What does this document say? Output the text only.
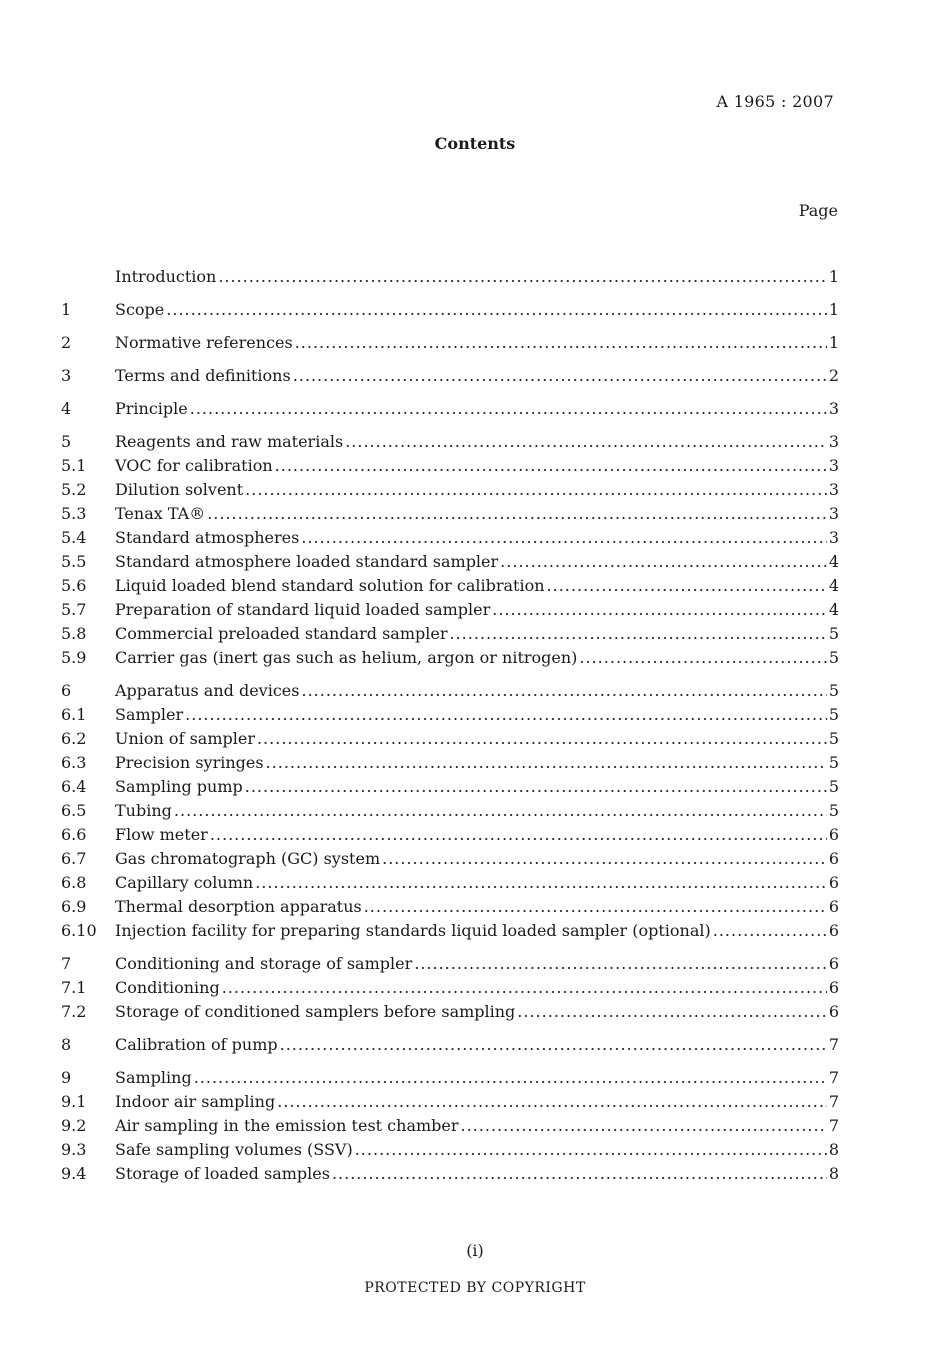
A 1965 : 2007
Contents
Page
Introduction .....	1
1	Scope .....	1
2	Normative references .....	1
3	Terms and definitions .....	2
4	Principle .....	3
5	Reagents and raw materials .....	3
5.1	VOC for calibration .....	3
5.2	Dilution solvent .....	3
5.3	Tenax TA® .....	3
5.4	Standard atmospheres .....	3
5.5	Standard atmosphere loaded standard sampler .....	4
5.6	Liquid loaded blend standard solution for calibration .....	4
5.7	Preparation of standard liquid loaded sampler .....	4
5.8	Commercial preloaded standard sampler .....	5
5.9	Carrier gas (inert gas such as helium, argon or nitrogen) .....	5
6	Apparatus and devices .....	5
6.1	Sampler .....	5
6.2	Union of sampler .....	5
6.3	Precision syringes .....	5
6.4	Sampling pump .....	5
6.5	Tubing .....	5
6.6	Flow meter .....	6
6.7	Gas chromatograph (GC) system .....	6
6.8	Capillary column .....	6
6.9	Thermal desorption apparatus .....	6
6.10	Injection facility for preparing standards liquid loaded sampler (optional) .....	6
7	Conditioning and storage of sampler .....	6
7.1	Conditioning .....	6
7.2	Storage of conditioned samplers before sampling .....	6
8	Calibration of pump .....	7
9	Sampling .....	7
9.1	Indoor air sampling .....	7
9.2	Air sampling in the emission test chamber .....	7
9.3	Safe sampling volumes (SSV) .....	8
9.4	Storage of loaded samples .....	8
(i)
PROTECTED BY COPYRIGHT
